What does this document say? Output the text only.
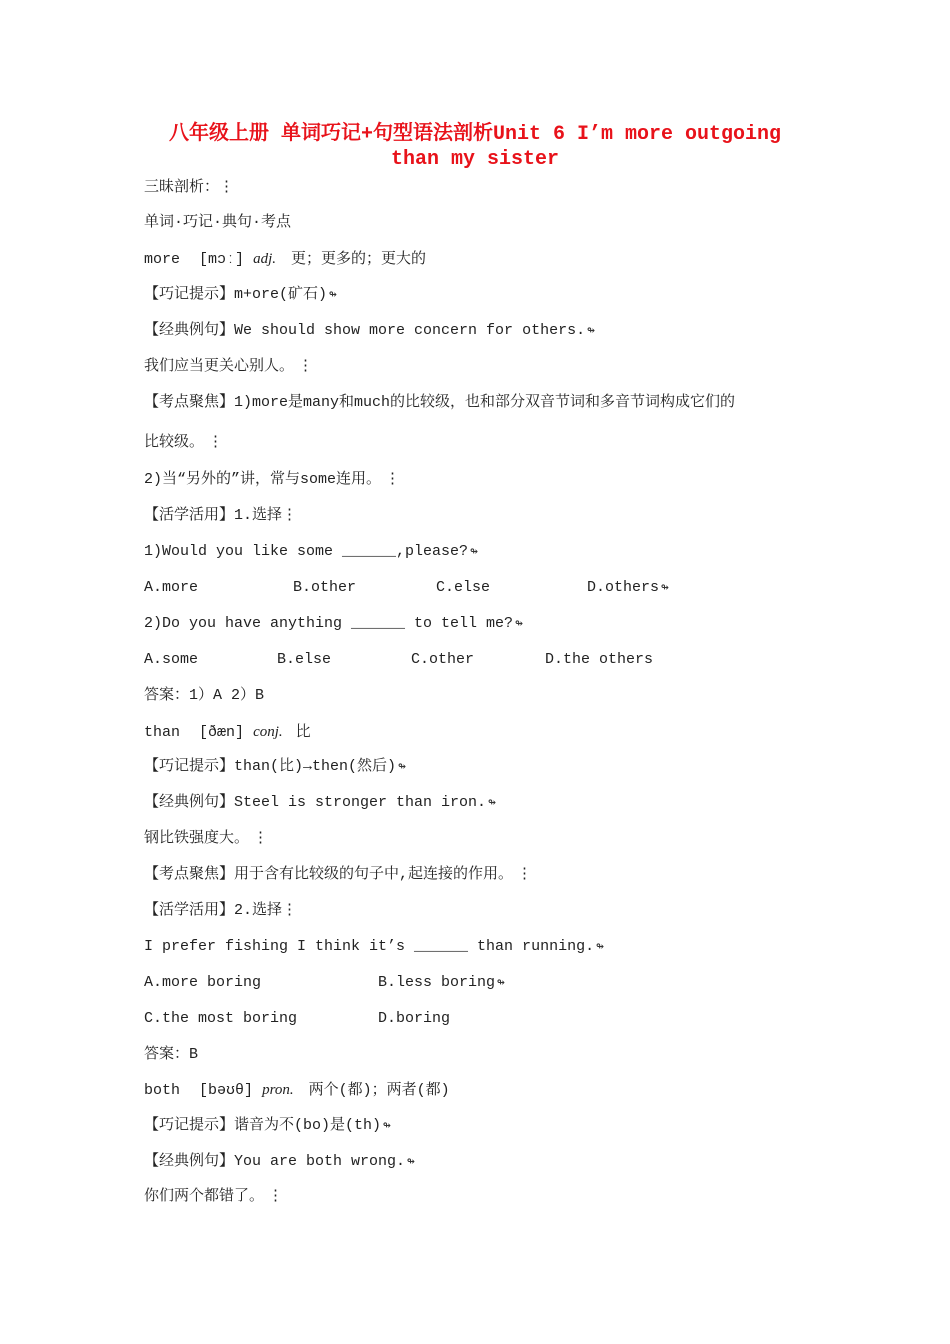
八年级上册 单词巧记+句型语法剖析Unit 6 I’m more outgoing
than my sister
三昧剖析：⋮
单词·巧记·典句·考点
more [mɔː] adj. 更；更多的；更大的
【巧记提示】m+ore(矿石) ↬
【经典例句】We should show more concern for others. ↬
我们应当更关心别人。 ⋮
【考点聚焦】1)more是many和much的比较级，也和部分双音节词和多音节词构成它们的
比较级。 ⋮
2)当“另外的”讲，常与some连用。 ⋮
【活学活用】1.选择⋮
1)Would you like some ______,please? ↬
A.more	B.other	C.else	D.others ↬
2)Do you have anything ______ to tell me? ↬
A.some	B.else	C.other	D.the others
答案：1）A 2）B
than [ðæn] conj. 比
【巧记提示】than(比)→then(然后) ↬
【经典例句】Steel is stronger than iron. ↬
钢比铁强度大。 ⋮
【考点聚焦】用于含有比较级的句子中,起连接的作用。 ⋮
【活学活用】2.选择⋮
I prefer fishing I think it’s ______ than running. ↬
A.more boring	B.less boring ↬
C.the most boring	D.boring
答案：B
both [bəʊθ] pron. 两个(都)；两者(都)
【巧记提示】谐音为不(bo)是(th) ↬
【经典例句】You are both wrong. ↬
你们两个都错了。 ⋮
